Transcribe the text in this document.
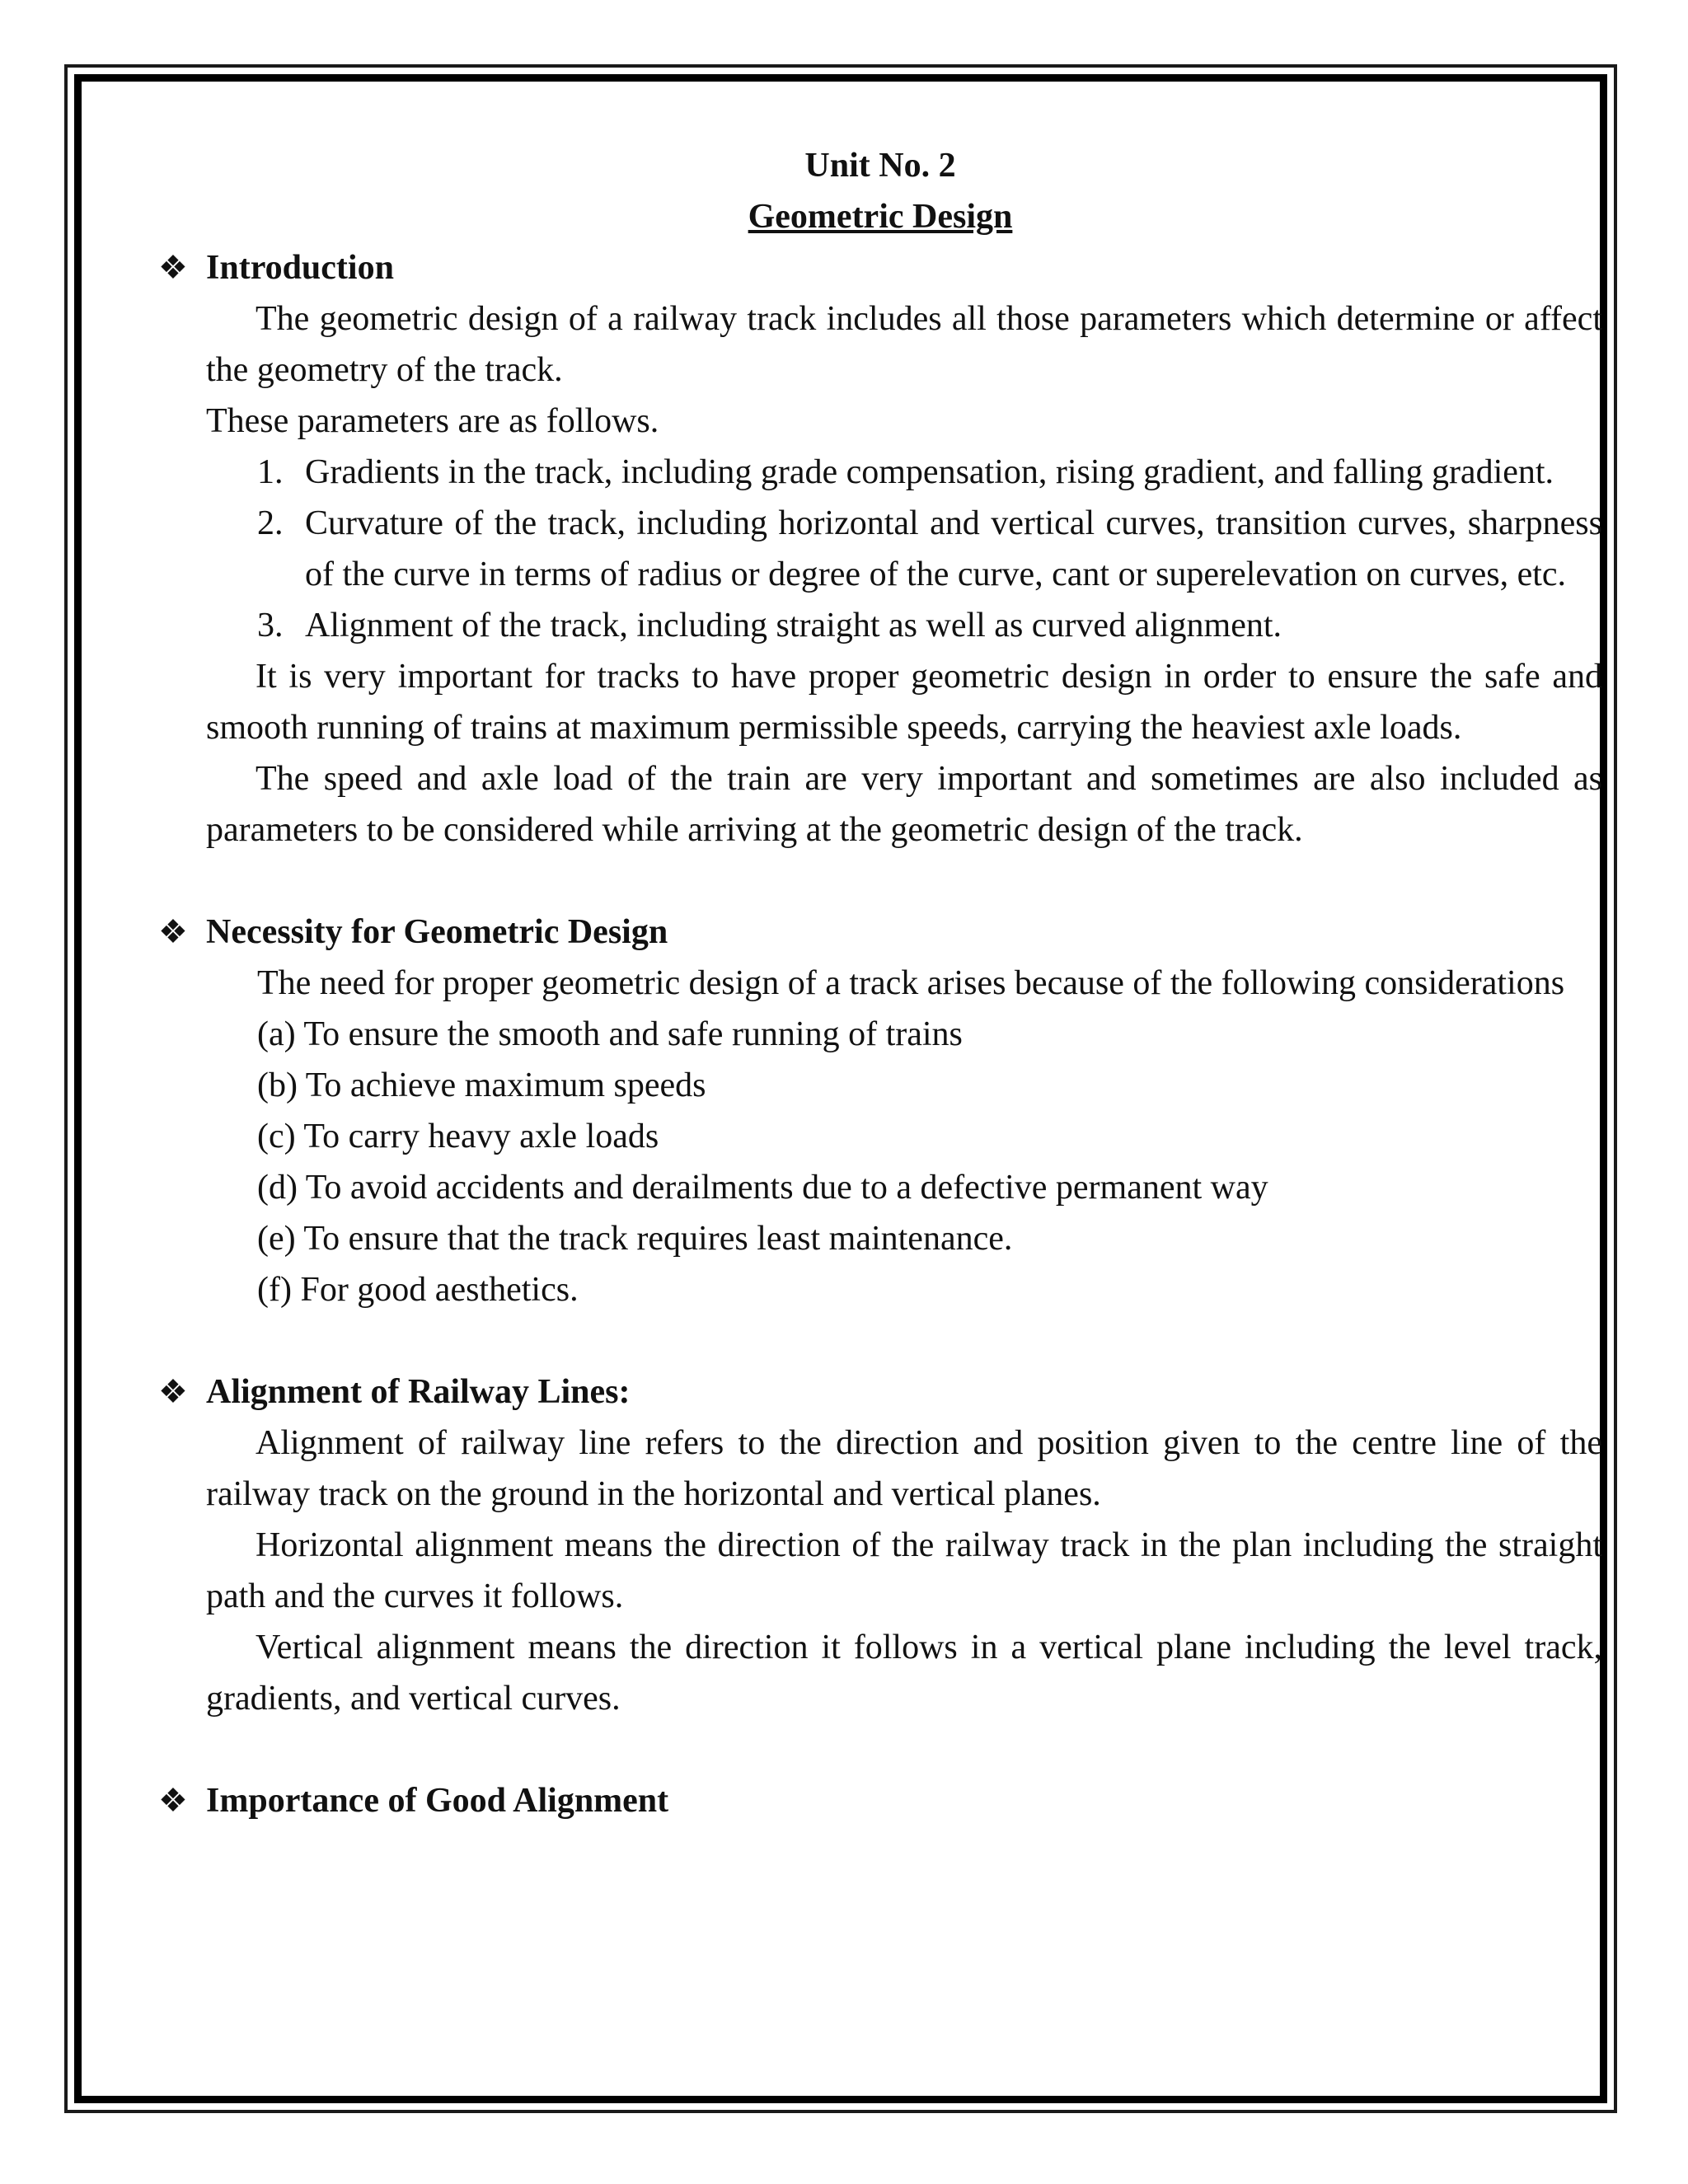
Unit No. 2

Geometric Design

❖ Introduction

The geometric design of a railway track includes all those parameters which determine or affect the geometry of the track.

These parameters are as follows.

1. Gradients in the track, including grade compensation, rising gradient, and falling gradient.
2. Curvature of the track, including horizontal and vertical curves, transition curves, sharpness of the curve in terms of radius or degree of the curve, cant or superelevation on curves, etc.
3. Alignment of the track, including straight as well as curved alignment.

It is very important for tracks to have proper geometric design in order to ensure the safe and smooth running of trains at maximum permissible speeds, carrying the heaviest axle loads.

The speed and axle load of the train are very important and sometimes are also included as parameters to be considered while arriving at the geometric design of the track.

❖ Necessity for Geometric Design

The need for proper geometric design of a track arises because of the following considerations

(a) To ensure the smooth and safe running of trains
(b) To achieve maximum speeds
(c) To carry heavy axle loads
(d) To avoid accidents and derailments due to a defective permanent way
(e) To ensure that the track requires least maintenance.
(f) For good aesthetics.

❖ Alignment of Railway Lines:

Alignment of railway line refers to the direction and position given to the centre line of the railway track on the ground in the horizontal and vertical planes.

Horizontal alignment means the direction of the railway track in the plan including the straight path and the curves it follows.

Vertical alignment means the direction it follows in a vertical plane including the level track, gradients, and vertical curves.

❖ Importance of Good Alignment
